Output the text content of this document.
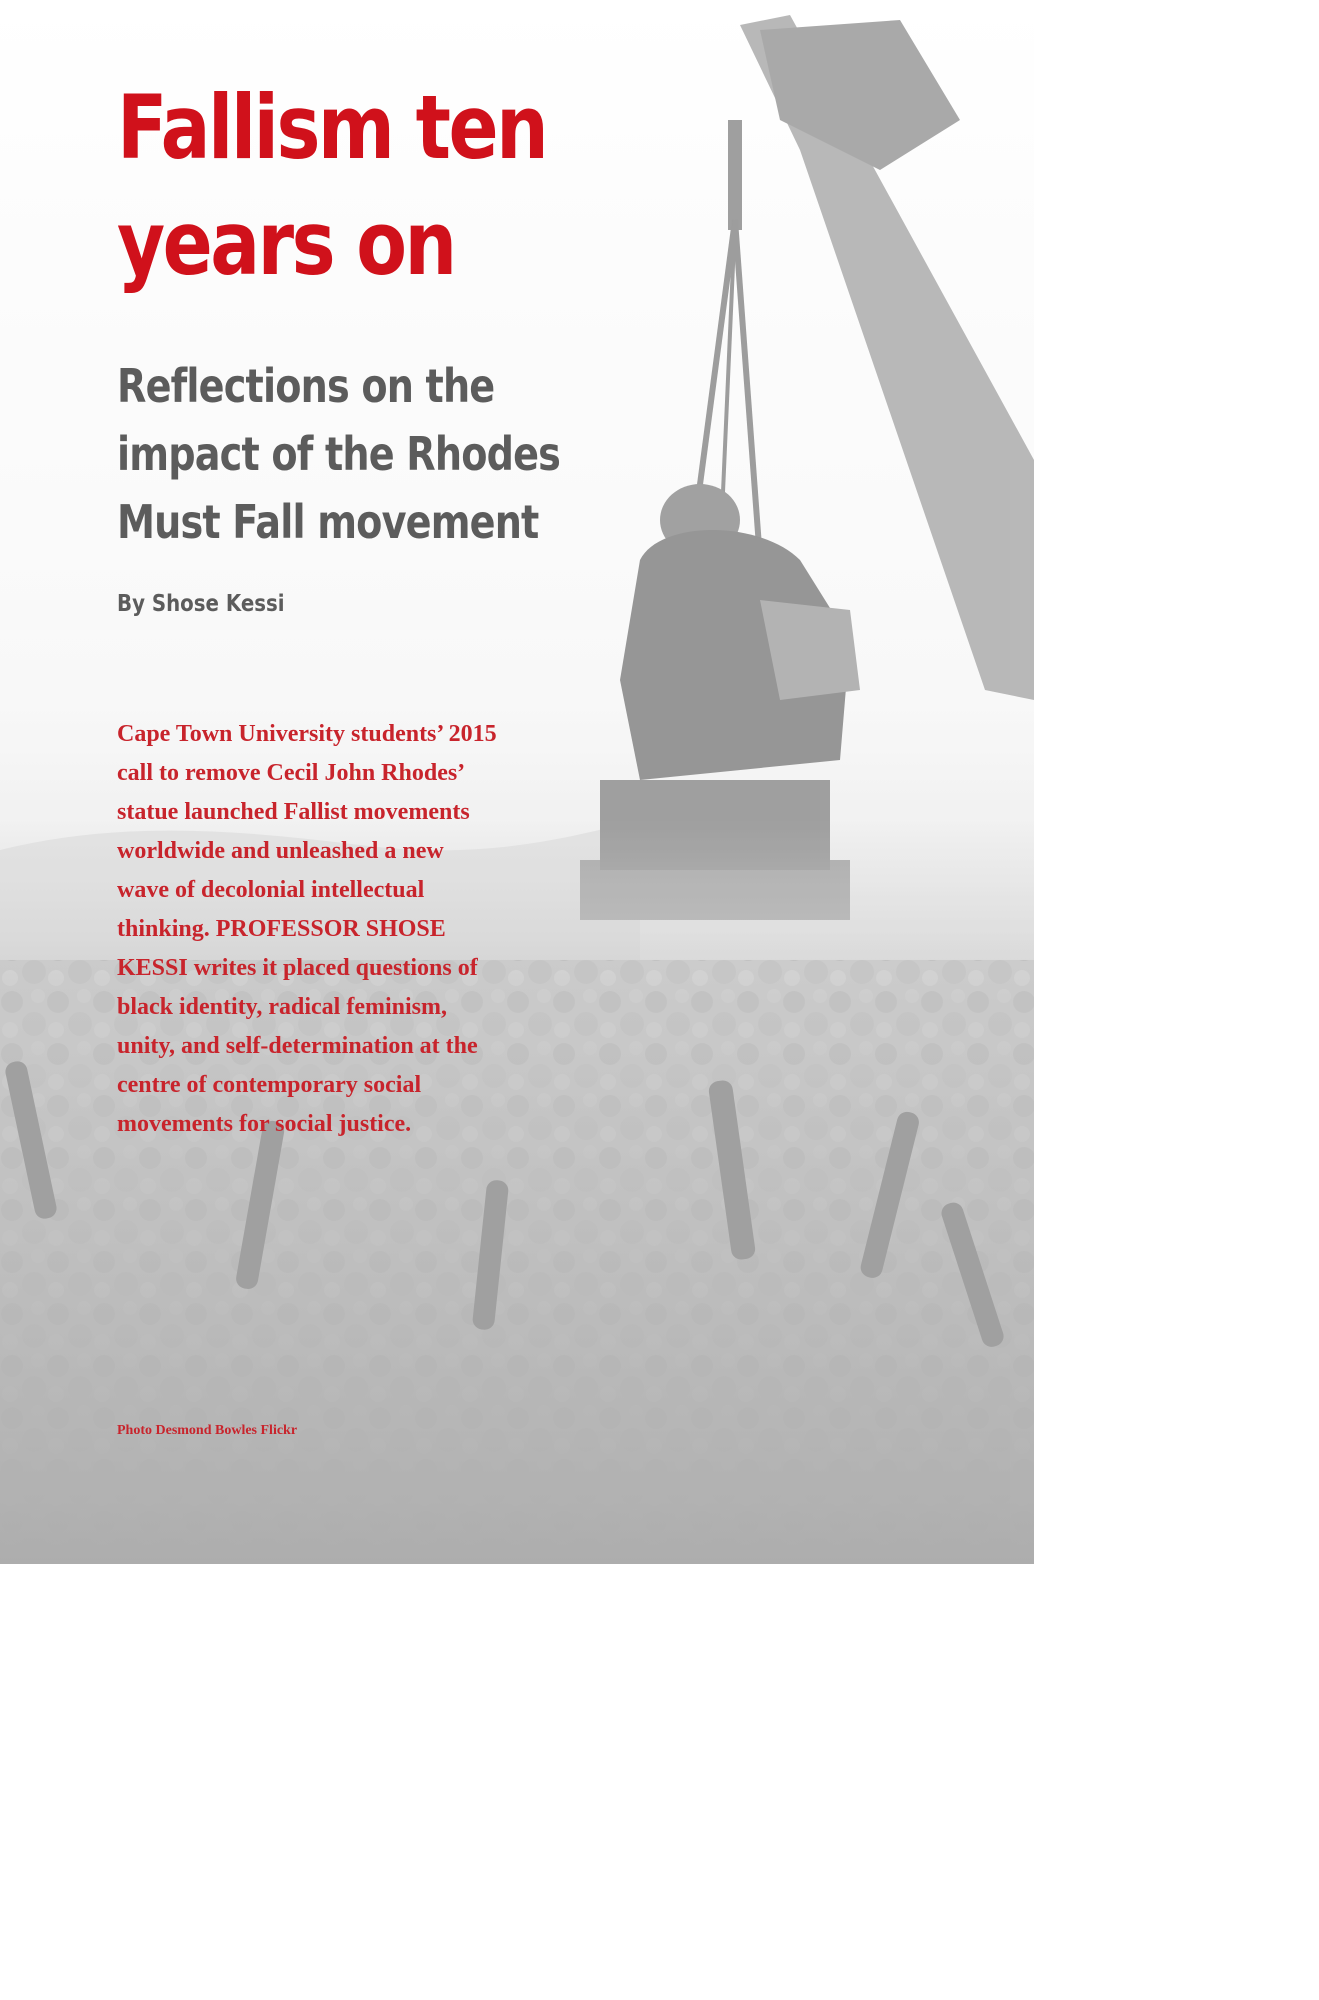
Fallism ten years on
Reflections on the impact of the Rhodes Must Fall movement

By Shose Kessi

Cape Town University students’ 2015
call to remove Cecil John Rhodes’
statue launched Fallist movements
worldwide and unleashed a new
wave of decolonial intellectual
thinking. PROFESSOR SHOSE
KESSI writes it placed questions of
black identity, radical feminism,
unity, and self-determination at the
centre of contemporary social
movements for social justice.

Photo Desmond Bowles Flickr
